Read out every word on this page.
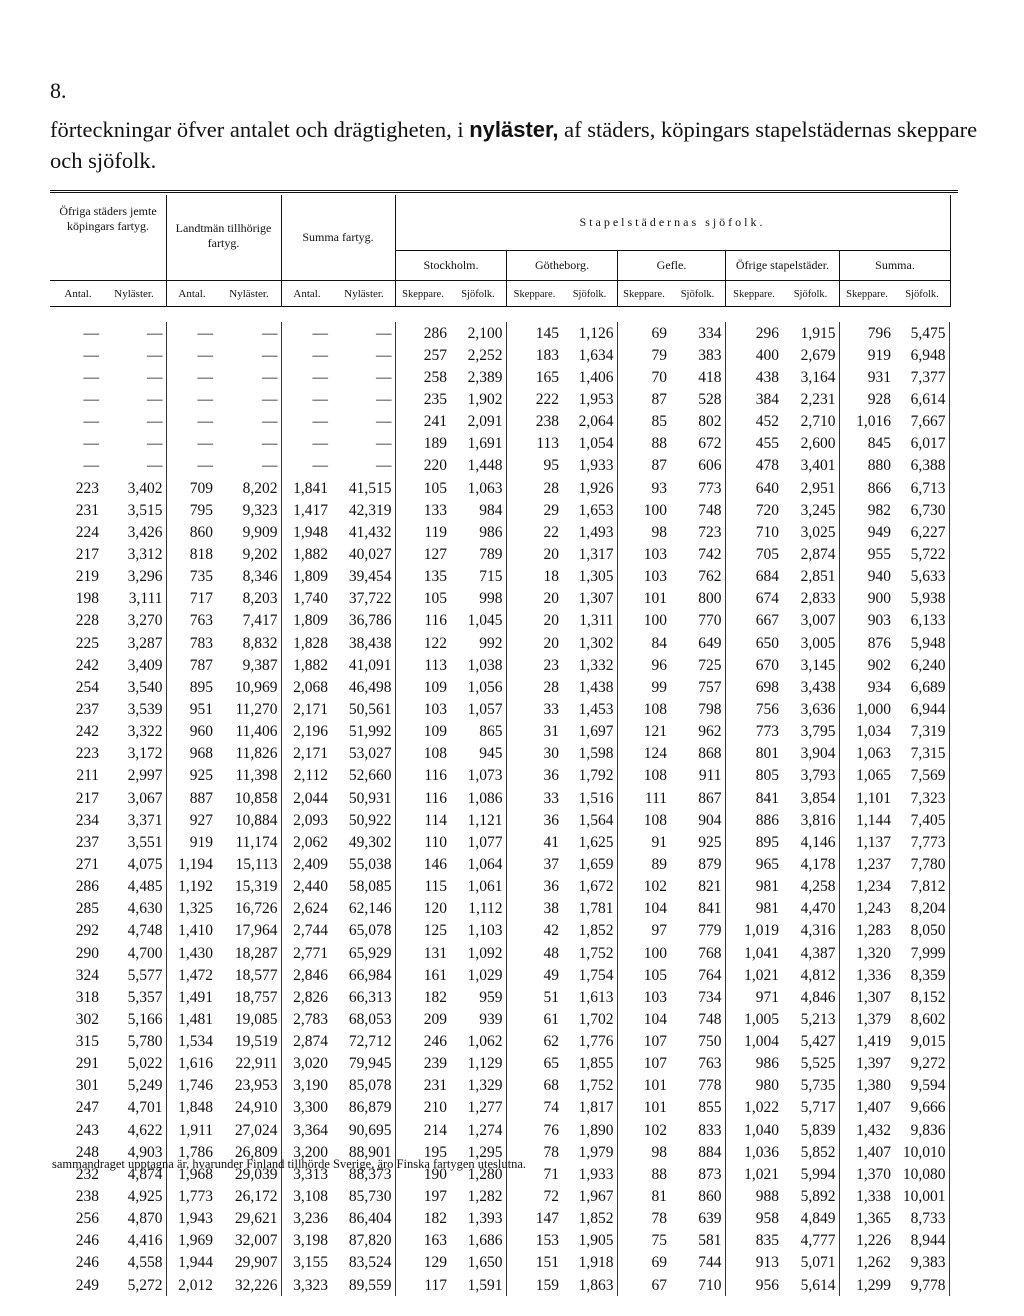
8.
förteckningar öfver antalet och drägtigheten, i nyläster, af städers, köpingars stapelstädernas skeppare och sjöfolk.
Öfriga städers jemte köpingars fartyg.	Landtmän tillhörige fartyg.	Summa fartyg.
Stapelstädernas sjöfolk.
Stockholm.	Götheborg.	Gefle.	Öfrige stapelstäder.	Summa.
Antal.	Nyläster.	Antal.	Nyläster.	Antal.	Nyläster.	Skeppare.	Sjöfolk.	Skeppare.	Sjöfolk.	Skeppare.	Sjöfolk.	Skeppare.	Sjöfolk.	Skeppare.	Sjöfolk.
—	—	—	—	—	—	286	2,100	145	1,126	69	334	296	1,915	796	5,475
—	—	—	—	—	—	257	2,252	183	1,634	79	383	400	2,679	919	6,948
—	—	—	—	—	—	258	2,389	165	1,406	70	418	438	3,164	931	7,377
—	—	—	—	—	—	235	1,902	222	1,953	87	528	384	2,231	928	6,614
—	—	—	—	—	—	241	2,091	238	2,064	85	802	452	2,710	1,016	7,667
—	—	—	—	—	—	189	1,691	113	1,054	88	672	455	2,600	845	6,017
—	—	—	—	—	—	220	1,448	95	1,933	87	606	478	3,401	880	6,388
223	3,402	709	8,202	1,841	41,515	105	1,063	28	1,926	93	773	640	2,951	866	6,713
231	3,515	795	9,323	1,417	42,319	133	984	29	1,653	100	748	720	3,245	982	6,730
224	3,426	860	9,909	1,948	41,432	119	986	22	1,493	98	723	710	3,025	949	6,227
217	3,312	818	9,202	1,882	40,027	127	789	20	1,317	103	742	705	2,874	955	5,722
219	3,296	735	8,346	1,809	39,454	135	715	18	1,305	103	762	684	2,851	940	5,633
198	3,111	717	8,203	1,740	37,722	105	998	20	1,307	101	800	674	2,833	900	5,938
228	3,270	763	7,417	1,809	36,786	116	1,045	20	1,311	100	770	667	3,007	903	6,133
225	3,287	783	8,832	1,828	38,438	122	992	20	1,302	84	649	650	3,005	876	5,948
242	3,409	787	9,387	1,882	41,091	113	1,038	23	1,332	96	725	670	3,145	902	6,240
254	3,540	895	10,969	2,068	46,498	109	1,056	28	1,438	99	757	698	3,438	934	6,689
237	3,539	951	11,270	2,171	50,561	103	1,057	33	1,453	108	798	756	3,636	1,000	6,944
242	3,322	960	11,406	2,196	51,992	109	865	31	1,697	121	962	773	3,795	1,034	7,319
223	3,172	968	11,826	2,171	53,027	108	945	30	1,598	124	868	801	3,904	1,063	7,315
211	2,997	925	11,398	2,112	52,660	116	1,073	36	1,792	108	911	805	3,793	1,065	7,569
217	3,067	887	10,858	2,044	50,931	116	1,086	33	1,516	111	867	841	3,854	1,101	7,323
234	3,371	927	10,884	2,093	50,922	114	1,121	36	1,564	108	904	886	3,816	1,144	7,405
237	3,551	919	11,174	2,062	49,302	110	1,077	41	1,625	91	925	895	4,146	1,137	7,773
271	4,075	1,194	15,113	2,409	55,038	146	1,064	37	1,659	89	879	965	4,178	1,237	7,780
286	4,485	1,192	15,319	2,440	58,085	115	1,061	36	1,672	102	821	981	4,258	1,234	7,812
285	4,630	1,325	16,726	2,624	62,146	120	1,112	38	1,781	104	841	981	4,470	1,243	8,204
292	4,748	1,410	17,964	2,744	65,078	125	1,103	42	1,852	97	779	1,019	4,316	1,283	8,050
290	4,700	1,430	18,287	2,771	65,929	131	1,092	48	1,752	100	768	1,041	4,387	1,320	7,999
324	5,577	1,472	18,577	2,846	66,984	161	1,029	49	1,754	105	764	1,021	4,812	1,336	8,359
318	5,357	1,491	18,757	2,826	66,313	182	959	51	1,613	103	734	971	4,846	1,307	8,152
302	5,166	1,481	19,085	2,783	68,053	209	939	61	1,702	104	748	1,005	5,213	1,379	8,602
315	5,780	1,534	19,519	2,874	72,712	246	1,062	62	1,776	107	750	1,004	5,427	1,419	9,015
291	5,022	1,616	22,911	3,020	79,945	239	1,129	65	1,855	107	763	986	5,525	1,397	9,272
301	5,249	1,746	23,953	3,190	85,078	231	1,329	68	1,752	101	778	980	5,735	1,380	9,594
247	4,701	1,848	24,910	3,300	86,879	210	1,277	74	1,817	101	855	1,022	5,717	1,407	9,666
243	4,622	1,911	27,024	3,364	90,695	214	1,274	76	1,890	102	833	1,040	5,839	1,432	9,836
248	4,903	1,786	26,809	3,200	88,901	195	1,295	78	1,979	98	884	1,036	5,852	1,407	10,010
232	4,874	1,968	29,039	3,313	88,373	190	1,280	71	1,933	88	873	1,021	5,994	1,370	10,080
238	4,925	1,773	26,172	3,108	85,730	197	1,282	72	1,967	81	860	988	5,892	1,338	10,001
256	4,870	1,943	29,621	3,236	86,404	182	1,393	147	1,852	78	639	958	4,849	1,365	8,733
246	4,416	1,969	32,007	3,198	87,820	163	1,686	153	1,905	75	581	835	4,777	1,226	8,944
246	4,558	1,944	29,907	3,155	83,524	129	1,650	151	1,918	69	744	913	5,071	1,262	9,383
249	5,272	2,012	32,226	3,323	89,559	117	1,591	159	1,863	67	710	956	5,614	1,299	9,778
sammandraget upptagna är, hvarunder Finland tillhörde Sverige, äro Finska fartygen uteslutna.
